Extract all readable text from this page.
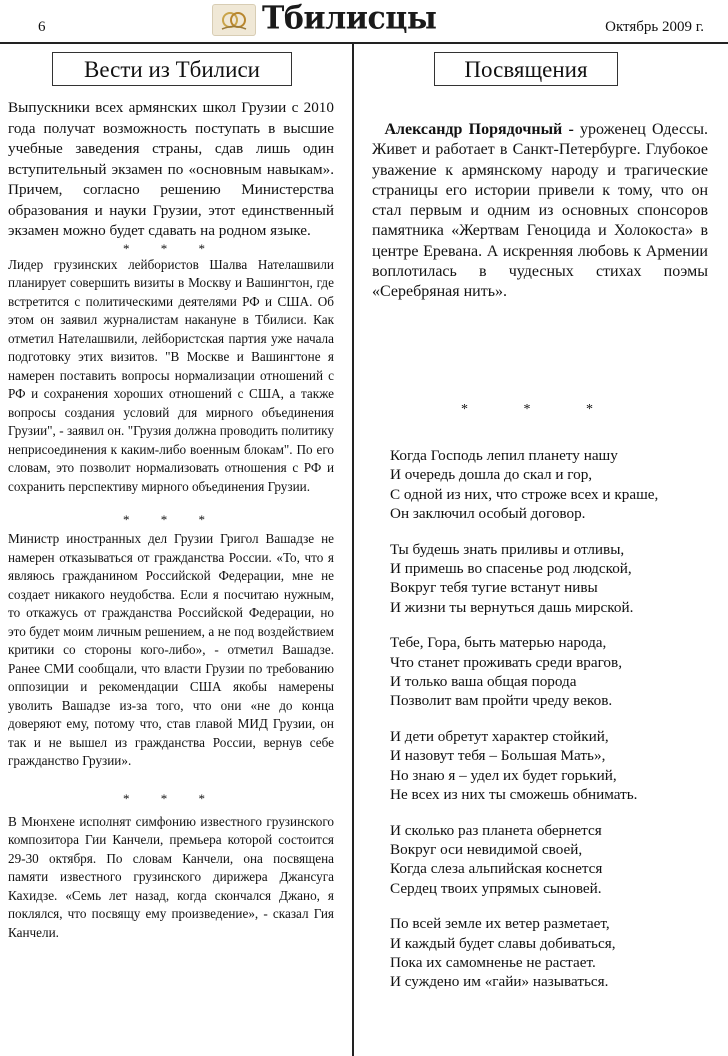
6	Тбилисцы	Октябрь 2009 г.
Вести из Тбилиси	Посвящения

Выпускники всех армянских школ Грузии с 2010 года получат возможность поступать в высшие учебные заведения страны, сдав лишь один вступительный экзамен по «основным навыкам». Причем, согласно решению Министерства образования и науки Грузии, этот единственный экзамен можно будет сдавать на родном языке.

* * *

Лидер грузинских лейбористов Шалва Нателашвили планирует совершить визиты в Москву и Вашингтон, где встретится с политическими деятелями РФ и США. Об этом он заявил журналистам накануне в Тбилиси. Как отметил Нателашвили, лейбористская партия уже начала подготовку этих визитов. "В Москве и Вашингтоне я намерен поставить вопросы нормализации отношений с РФ и сохранения хороших отношений с США, а также вопросы создания условий для мирного объединения Грузии", - заявил он. "Грузия должна проводить политику неприсоединения к каким-либо военным блокам". По его словам, это позволит нормализовать отношения с РФ и сохранить перспективу мирного объединения Грузии.

* * *

Министр иностранных дел Грузии Григол Вашадзе не намерен отказываться от гражданства России. «То, что я являюсь гражданином Российской Федерации, мне не создает никакого неудобства. Если я посчитаю нужным, то откажусь от гражданства Российской Федерации, но это будет моим личным решением, а не под воздействием критики со стороны кого-либо», - отметил Вашадзе. Ранее СМИ сообщали, что власти Грузии по требованию оппозиции и рекомендации США якобы намерены уволить Вашадзе из-за того, что они «не до конца доверяют ему, потому что, став главой МИД Грузии, он так и не вышел из гражданства России, вернув себе гражданство Грузии».

* * *

В Мюнхене исполнят симфонию известного грузинского композитора Гии Канчели, премьера которой состоится 29-30 октября. По словам Канчели, она посвящена памяти известного грузинского дирижера Джансуга Кахидзе. «Семь лет назад, когда скончался Джано, я поклялся, что посвящу ему произведение», - сказал Гия Канчели.

Александр Порядочный - уроженец Одессы. Живет и работает в Санкт-Петербурге. Глубокое уважение к армянскому народу и трагические страницы его истории привели к тому, что он стал первым и одним из основных спонсоров памятника «Жертвам Геноцида и Холокоста» в центре Еревана. А искренняя любовь к Армении воплотилась в чудесных стихах поэмы «Серебряная нить».

* * *
Когда Господь лепил планету нашу
И очередь дошла до скал и гор,
С одной из них, что строже всех и краше,
Он заключил особый договор.
Ты будешь знать приливы и отливы,
И примешь во спасенье род людской,
Вокруг тебя тугие встанут нивы
И жизни ты вернуться дашь мирской.
Тебе, Гора, быть матерью народа,
Что станет проживать среди врагов,
И только ваша общая порода
Позволит вам пройти чреду веков.
И дети обретут характер стойкий,
И назовут тебя – Большая Мать»,
Но знаю я – удел их будет горький,
Не всех из них ты сможешь обнимать.
И сколько раз планета обернется
Вокруг оси невидимой своей,
Когда слеза альпийская коснется
Сердец твоих упрямых сыновей.
По всей земле их ветер разметает,
И каждый будет славы добиваться,
Пока их самомненье не растает.
И суждено им «гайи» называться.
